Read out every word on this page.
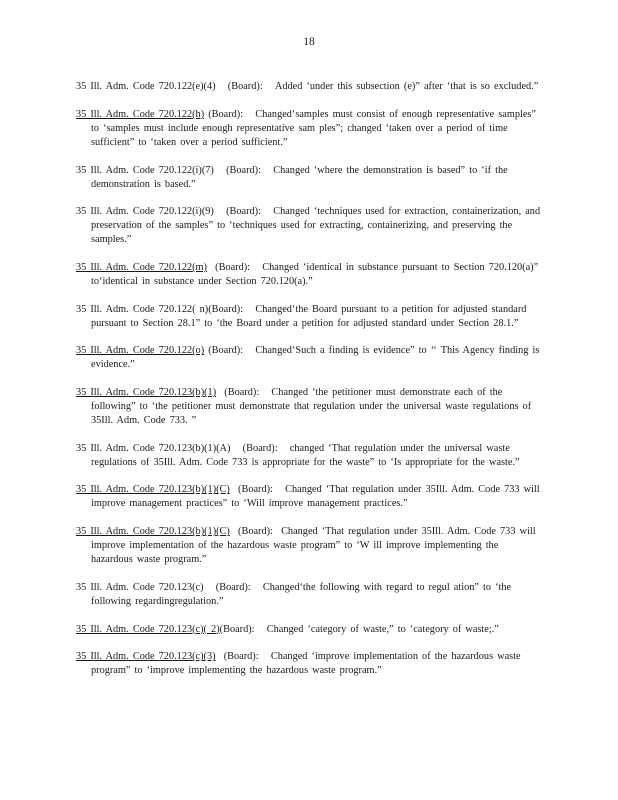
18

35 Ill. Adm. Code 720.122(e)(4) (Board): Added ‘under this subsection (e)” after ‘that is so excluded.”

35 Ill. Adm. Code 720.122(h) (Board): Changed‘samples must consist of enough representative samples” to ‘samples must include enough representative sam ples”; changed ‘taken over a period of time sufficient” to ‘taken over a period sufficient.”

35 Ill. Adm. Code 720.122(i)(7) (Board): Changed ‘where the demonstration is based” to ‘if the demonstration is based.”

35 Ill. Adm. Code 720.122(i)(9) (Board): Changed ‘techniques used for extraction, containerization, and preservation of the samples” to ‘techniques used for extracting, containerizing, and preserving the samples.”

35 Ill. Adm. Code 720.122(m) (Board): Changed ‘identical in substance pursuant to Section 720.120(a)” to‘identical in substance under Section 720.120(a).”

35 Ill. Adm. Code 720.122( n)(Board): Changed‘the Board pursuant to a petition for adjusted standard pursuant to Section 28.1” to ‘the Board under a petition for adjusted standard under Section 28.1.”

35 Ill. Adm. Code 720.122(o) (Board): Changed‘Such a finding is evidence” to ‘‘ This Agency finding is evidence.”

35 Ill. Adm. Code 720.123(b)(1) (Board): Changed ‘the petitioner must demonstrate each of the following” to ‘the petitioner must demonstrate that regulation under the universal waste regulations of 35Ill. Adm. Code 733. ”

35 Ill. Adm. Code 720.123(b)(1)(A) (Board): changed ‘That regulation under the universal waste regulations of 35Ill. Adm. Code 733 is appropriate for the waste” to ‘Is appropriate for the waste.”

35 Ill. Adm. Code 720.123(b)(1)(C) (Board): Changed ‘That regulation under 35Ill. Adm. Code 733 will improve management practices” to ‘Will improve management practices.”

35 Ill. Adm. Code 720.123(b)(1)(C) (Board): Changed ‘That regulation under 35Ill. Adm. Code 733 will improve implementation of the hazardous waste program” to ‘W ill improve implementing the hazardous waste program.”

35 Ill. Adm. Code 720.123(c) (Board): Changed‘the following with regard to regul ation” to ‘the following regardingregulation.”

35 Ill. Adm. Code 720.123(c)( 2)(Board): Changed ‘category of waste,” to ‘category of waste;.”

35 Ill. Adm. Code 720.123(c)(3) (Board): Changed ‘improve implementation of the hazardous waste program” to ‘improve implementing the hazardous waste program.”
